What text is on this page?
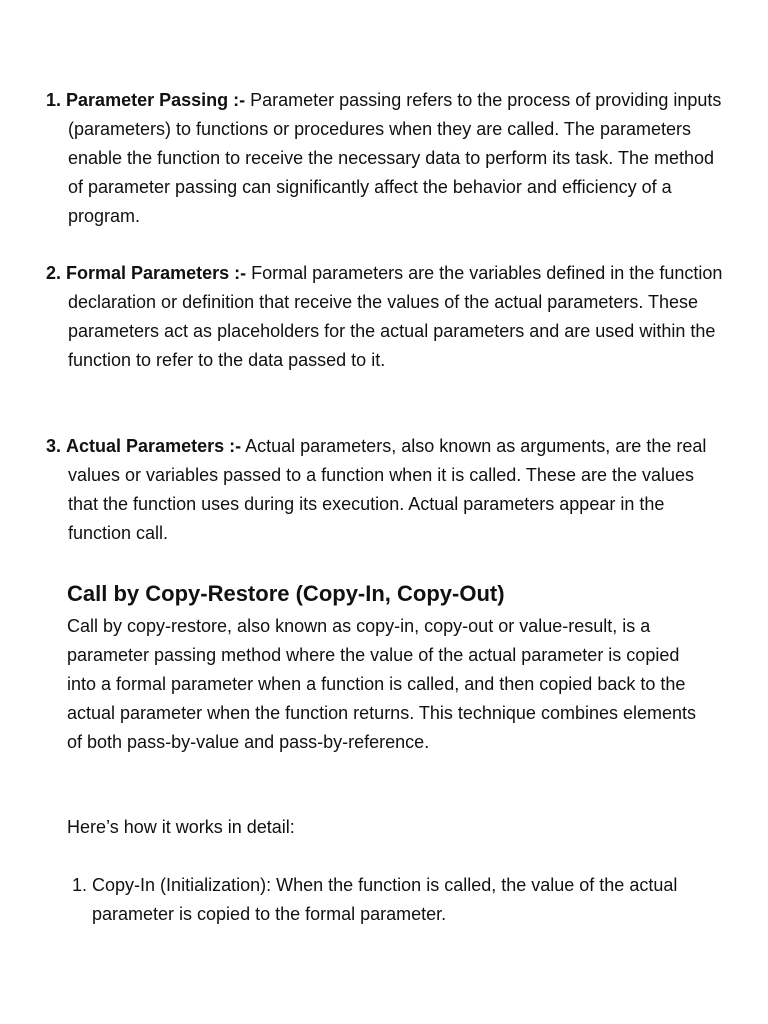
1. Parameter Passing :- Parameter passing refers to the process of providing inputs (parameters) to functions or procedures when they are called. The parameters enable the function to receive the necessary data to perform its task. The method of parameter passing can significantly affect the behavior and efficiency of a program.

2. Formal Parameters :- Formal parameters are the variables defined in the function declaration or definition that receive the values of the actual parameters. These parameters act as placeholders for the actual parameters and are used within the function to refer to the data passed to it.

3. Actual Parameters :- Actual parameters, also known as arguments, are the real values or variables passed to a function when it is called. These are the values that the function uses during its execution. Actual parameters appear in the function call.

Call by Copy-Restore (Copy-In, Copy-Out)

Call by copy-restore, also known as copy-in, copy-out or value-result, is a parameter passing method where the value of the actual parameter is copied into a formal parameter when a function is called, and then copied back to the actual parameter when the function returns. This technique combines elements of both pass-by-value and pass-by-reference.

Here’s how it works in detail:

1. Copy-In (Initialization): When the function is called, the value of the actual parameter is copied to the formal parameter.
